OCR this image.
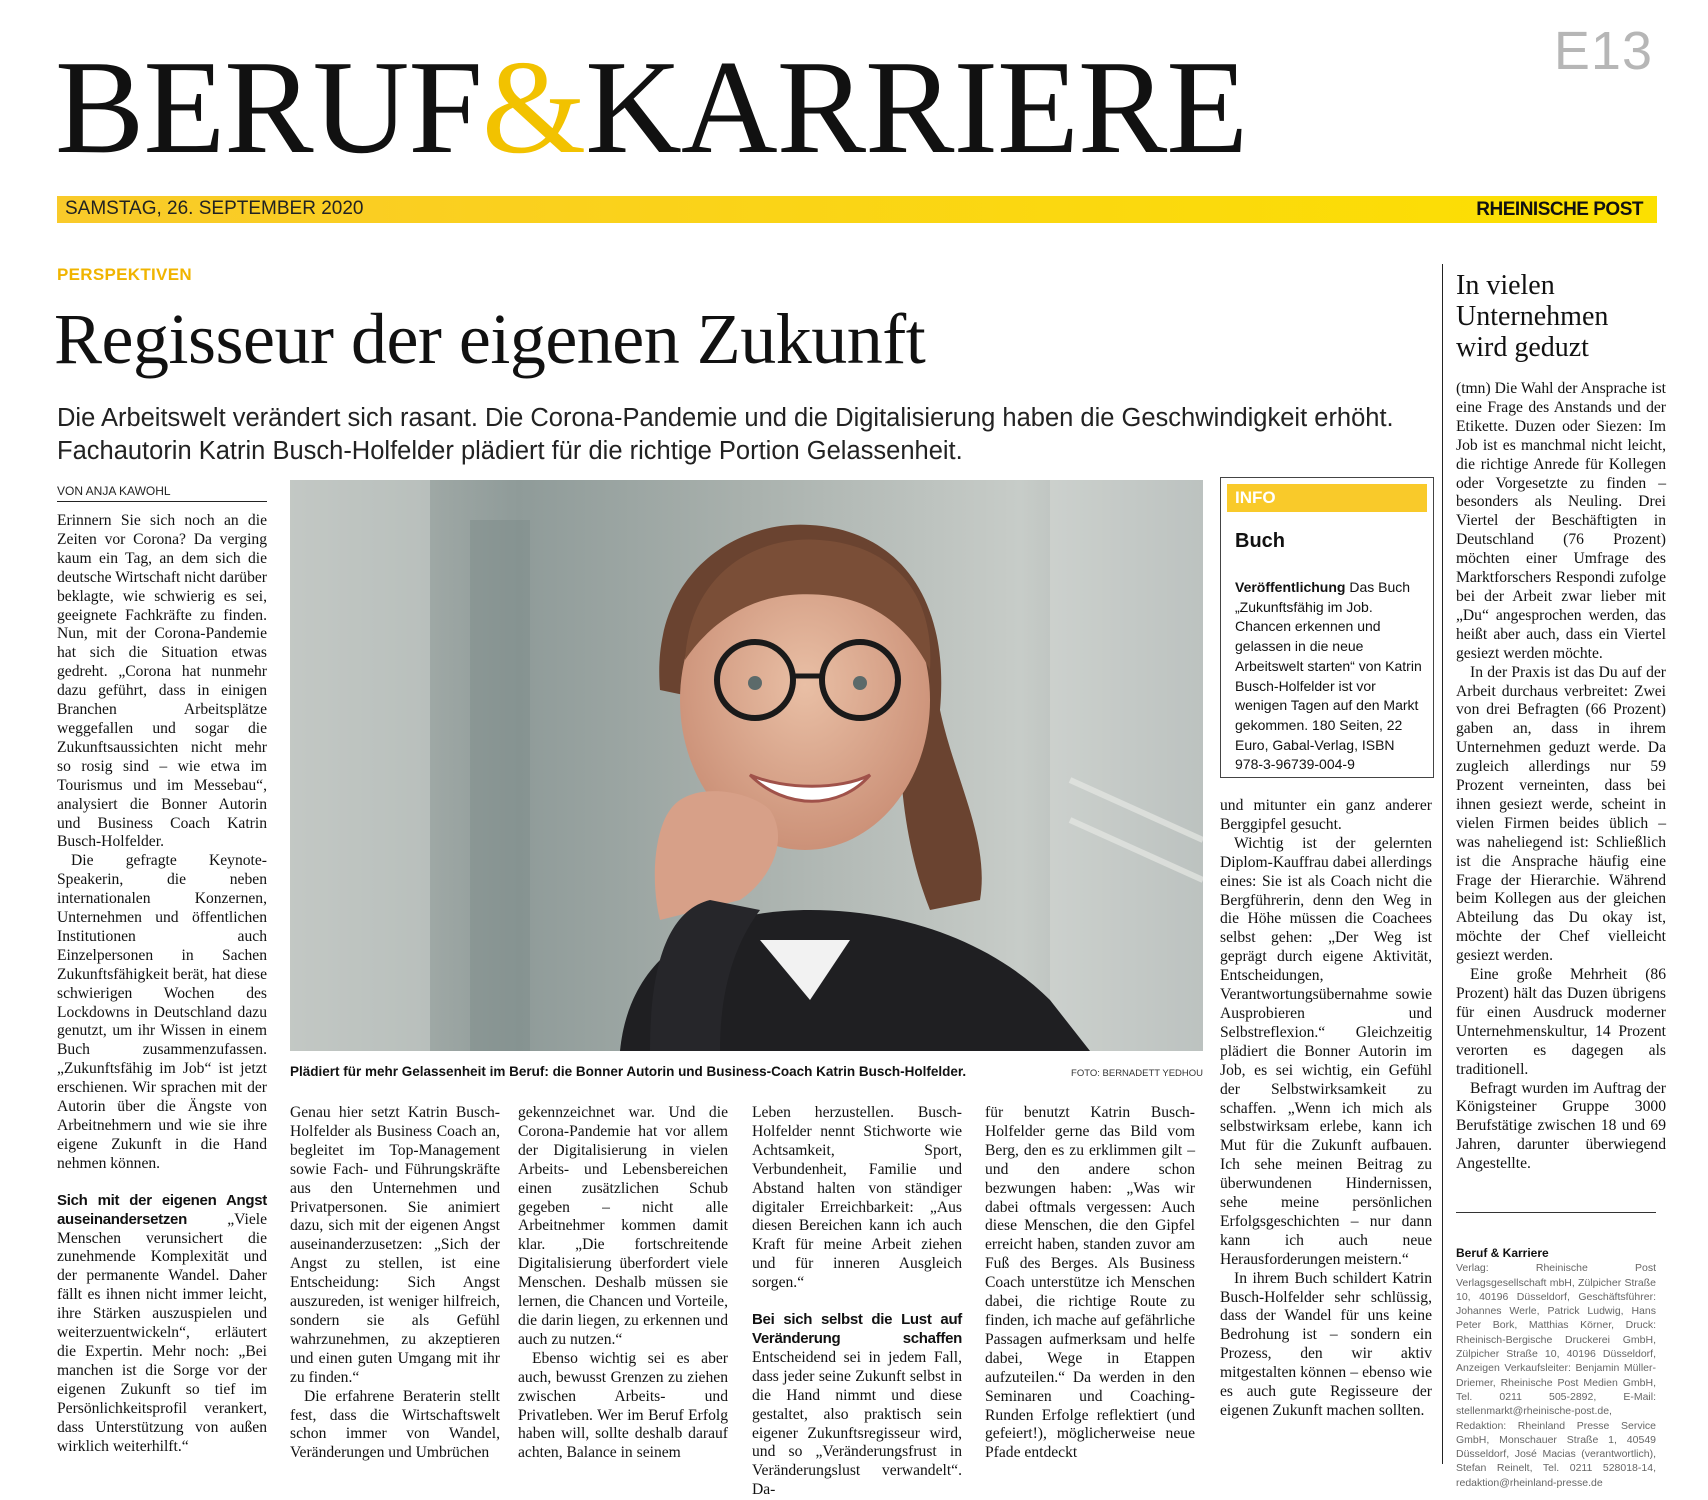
BERUF&KARRIERE	E13
SAMSTAG, 26. SEPTEMBER 2020	RHEINISCHE POST
PERSPEKTIVEN
Regisseur der eigenen Zukunft
Die Arbeitswelt verändert sich rasant. Die Corona-Pandemie und die Digitalisierung haben die Geschwindigkeit erhöht. Fachautorin Katrin Busch-Holfelder plädiert für die richtige Portion Gelassenheit.
VON ANJA KAWOHL

Erinnern Sie sich noch an die Zeiten vor Corona? Da verging kaum ein Tag, an dem sich die deutsche Wirtschaft nicht darüber beklagte, wie schwierig es sei, geeignete Fachkräfte zu finden. Nun, mit der Corona-Pandemie hat sich die Situation etwas gedreht. „Corona hat nunmehr dazu geführt, dass in einigen Branchen Arbeitsplätze weggefallen und sogar die Zukunftsaussichten nicht mehr so rosig sind – wie etwa im Tourismus und im Messebau“, analysiert die Bonner Autorin und Business Coach Katrin Busch-Holfelder.

Die gefragte Keynote-Speakerin, die neben internationalen Konzernen, Unternehmen und öffentlichen Institutionen auch Einzelpersonen in Sachen Zukunftsfähigkeit berät, hat diese schwierigen Wochen des Lockdowns in Deutschland dazu genutzt, um ihr Wissen in einem Buch zusammenzufassen. „Zukunftsfähig im Job“ ist jetzt erschienen. Wir sprachen mit der Autorin über die Ängste von Arbeitnehmern und wie sie ihre eigene Zukunft in die Hand nehmen können.

Sich mit der eigenen Angst auseinandersetzen „Viele Menschen verunsichert die zunehmende Komplexität und der permanente Wandel. Daher fällt es ihnen nicht immer leicht, ihre Stärken auszuspielen und weiterzuentwickeln“, erläutert die Expertin. Mehr noch: „Bei manchen ist die Sorge vor der eigenen Zukunft so tief im Persönlichkeitsprofil verankert, dass Unterstützung von außen wirklich weiterhilft.“

Plädiert für mehr Gelassenheit im Beruf: die Bonner Autorin und Business-Coach Katrin Busch-Holfelder.	FOTO: BERNADETT YEDHOU

Genau hier setzt Katrin Busch-Holfelder als Business Coach an, begleitet im Top-Management sowie Fach- und Führungskräfte aus den Unternehmen und Privatpersonen. Sie animiert dazu, sich mit der eigenen Angst auseinanderzusetzen: „Sich der Angst zu stellen, ist eine Entscheidung: Sich Angst auszureden, ist weniger hilfreich, sondern sie als Gefühl wahrzunehmen, zu akzeptieren und einen guten Umgang mit ihr zu finden.“

Die erfahrene Beraterin stellt fest, dass die Wirtschaftswelt schon immer von Wandel, Veränderungen und Umbrüchen

gekennzeichnet war. Und die Corona-Pandemie hat vor allem der Digitalisierung in vielen Arbeits- und Lebensbereichen einen zusätzlichen Schub gegeben – nicht alle Arbeitnehmer kommen damit klar. „Die fortschreitende Digitalisierung überfordert viele Menschen. Deshalb müssen sie lernen, die Chancen und Vorteile, die darin liegen, zu erkennen und auch zu nutzen.“

Ebenso wichtig sei es aber auch, bewusst Grenzen zu ziehen zwischen Arbeits- und Privatleben. Wer im Beruf Erfolg haben will, sollte deshalb darauf achten, Balance in seinem

Leben herzustellen. Busch-Holfelder nennt Stichworte wie Achtsamkeit, Sport, Verbundenheit, Familie und Abstand halten von ständiger digitaler Erreichbarkeit: „Aus diesen Bereichen kann ich auch Kraft für meine Arbeit ziehen und für inneren Ausgleich sorgen.“

Bei sich selbst die Lust auf Veränderung schaffen Entscheidend sei in jedem Fall, dass jeder seine Zukunft selbst in die Hand nimmt und diese gestaltet, also praktisch sein eigener Zukunftsregisseur wird, und so „Veränderungsfrust in Veränderungslust verwandelt“. Da-

für benutzt Katrin Busch-Holfelder gerne das Bild vom Berg, den es zu erklimmen gilt – und den andere schon bezwungen haben: „Was wir dabei oftmals vergessen: Auch diese Menschen, die den Gipfel erreicht haben, standen zuvor am Fuß des Berges. Als Business Coach unterstütze ich Menschen dabei, die richtige Route zu finden, ich mache auf gefährliche Passagen aufmerksam und helfe dabei, Wege in Etappen aufzuteilen.“ Da werden in den Seminaren und Coaching-Runden Erfolge reflektiert (und gefeiert!), möglicherweise neue Pfade entdeckt

INFO
Buch
Veröffentlichung Das Buch „Zukunftsfähig im Job. Chancen erkennen und gelassen in die neue Arbeitswelt starten“ von Katrin Busch-Holfelder ist vor wenigen Tagen auf den Markt gekommen. 180 Seiten, 22 Euro, Gabal-Verlag, ISBN 978-3-96739-004-9

und mitunter ein ganz anderer Berggipfel gesucht.

Wichtig ist der gelernten Diplom-Kauffrau dabei allerdings eines: Sie ist als Coach nicht die Bergführerin, denn den Weg in die Höhe müssen die Coachees selbst gehen: „Der Weg ist geprägt durch eigene Aktivität, Entscheidungen, Verantwortungsübernahme sowie Ausprobieren und Selbstreflexion.“ Gleichzeitig plädiert die Bonner Autorin im Job, es sei wichtig, ein Gefühl der Selbstwirksamkeit zu schaffen. „Wenn ich mich als selbstwirksam erlebe, kann ich Mut für die Zukunft aufbauen. Ich sehe meinen Beitrag zu überwundenen Hindernissen, sehe meine persönlichen Erfolgsgeschichten – nur dann kann ich auch neue Herausforderungen meistern.“

In ihrem Buch schildert Katrin Busch-Holfelder sehr schlüssig, dass der Wandel für uns keine Bedrohung ist – sondern ein Prozess, den wir aktiv mitgestalten können – ebenso wie es auch gute Regisseure der eigenen Zukunft machen sollten.

In vielen Unternehmen wird geduzt

(tmn) Die Wahl der Ansprache ist eine Frage des Anstands und der Etikette. Duzen oder Siezen: Im Job ist es manchmal nicht leicht, die richtige Anrede für Kollegen oder Vorgesetzte zu finden – besonders als Neuling. Drei Viertel der Beschäftigten in Deutschland (76 Prozent) möchten einer Umfrage des Marktforschers Respondi zufolge bei der Arbeit zwar lieber mit „Du“ angesprochen werden, das heißt aber auch, dass ein Viertel gesiezt werden möchte.

In der Praxis ist das Du auf der Arbeit durchaus verbreitet: Zwei von drei Befragten (66 Prozent) gaben an, dass in ihrem Unternehmen geduzt werde. Da zugleich allerdings nur 59 Prozent verneinten, dass bei ihnen gesiezt werde, scheint in vielen Firmen beides üblich – was naheliegend ist: Schließlich ist die Ansprache häufig eine Frage der Hierarchie. Während beim Kollegen aus der gleichen Abteilung das Du okay ist, möchte der Chef vielleicht gesiezt werden.

Eine große Mehrheit (86 Prozent) hält das Duzen übrigens für einen Ausdruck moderner Unternehmenskultur, 14 Prozent verorten es dagegen als traditionell.

Befragt wurden im Auftrag der Königsteiner Gruppe 3000 Berufstätige zwischen 18 und 69 Jahren, darunter überwiegend Angestellte.

Beruf & Karriere
Verlag: Rheinische Post Verlagsgesellschaft mbH, Zülpicher Straße 10, 40196 Düsseldorf, Geschäftsführer: Johannes Werle, Patrick Ludwig, Hans Peter Bork, Matthias Körner, Druck: Rheinisch-Bergische Druckerei GmbH, Zülpicher Straße 10, 40196 Düsseldorf, Anzeigen Verkaufsleiter: Benjamin Müller-Driemer, Rheinische Post Medien GmbH, Tel. 0211 505-2892, E-Mail: stellenmarkt@rheinische-post.de, Redaktion: Rheinland Presse Service GmbH, Monschauer Straße 1, 40549 Düsseldorf, José Macias (verantwortlich), Stefan Reinelt, Tel. 0211 528018-14, redaktion@rheinland-presse.de
